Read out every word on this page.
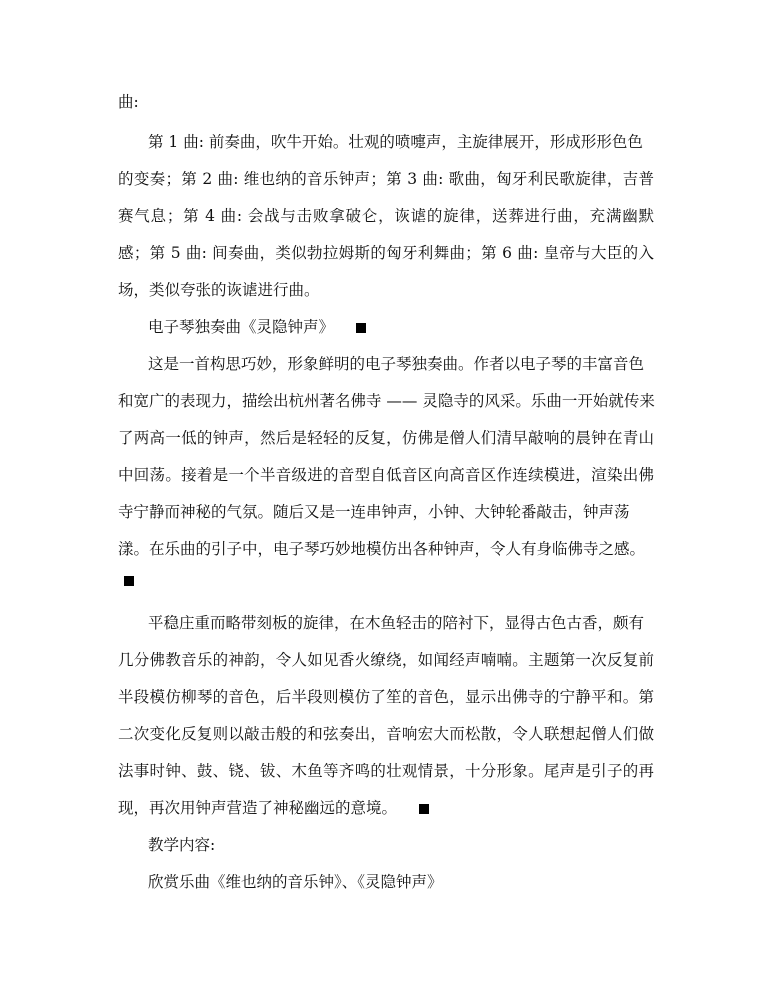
曲:
第 1 曲: 前奏曲，吹牛开始。壮观的喷嚏声，主旋律展开，形成形形色色
的变奏；第 2 曲: 维也纳的音乐钟声；第 3 曲: 歌曲，匈牙利民歌旋律，吉普
赛气息；第 4 曲: 会战与击败拿破仑，诙谑的旋律，送葬进行曲，充满幽默
感；第 5 曲: 间奏曲，类似勃拉姆斯的匈牙利舞曲；第 6 曲: 皇帝与大臣的入
场，类似夸张的诙谑进行曲。
电子琴独奏曲《灵隐钟声》
这是一首构思巧妙，形象鲜明的电子琴独奏曲。作者以电子琴的丰富音色
和宽广的表现力，描绘出杭州著名佛寺 —— 灵隐寺的风采。乐曲一开始就传来
了两高一低的钟声，然后是轻轻的反复，仿佛是僧人们清早敲响的晨钟在青山
中回荡。接着是一个半音级进的音型自低音区向高音区作连续模进，渲染出佛
寺宁静而神秘的气氛。随后又是一连串钟声，小钟、大钟轮番敲击，钟声荡
漾。在乐曲的引子中，电子琴巧妙地模仿出各种钟声，令人有身临佛寺之感。
平稳庄重而略带刻板的旋律，在木鱼轻击的陪衬下，显得古色古香，颇有
几分佛教音乐的神韵，令人如见香火缭绕，如闻经声喃喃。主题第一次反复前
半段模仿柳琴的音色，后半段则模仿了笙的音色，显示出佛寺的宁静平和。第
二次变化反复则以敲击般的和弦奏出，音响宏大而松散，令人联想起僧人们做
法事时钟、鼓、铙、钹、木鱼等齐鸣的壮观情景，十分形象。尾声是引子的再
现，再次用钟声营造了神秘幽远的意境。
教学内容:
欣赏乐曲《维也纳的音乐钟》、《灵隐钟声》
